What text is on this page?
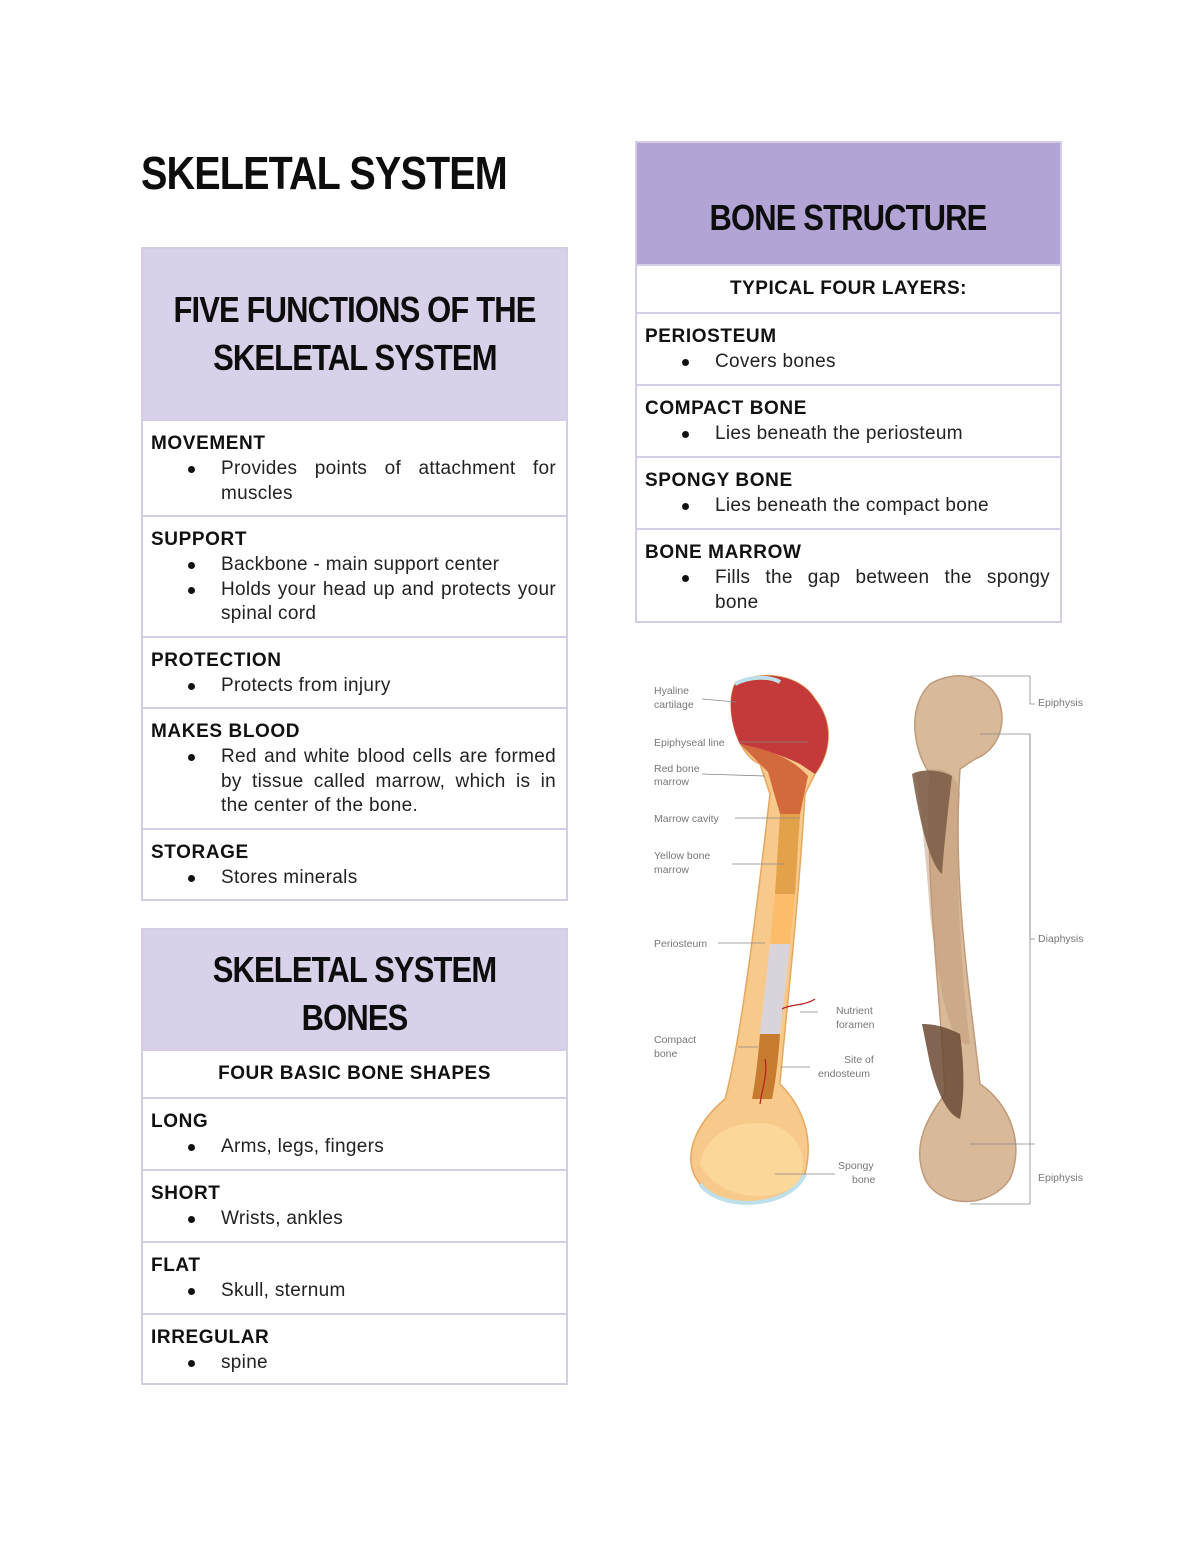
SKELETAL SYSTEM
FIVE FUNCTIONS OF THE
SKELETAL SYSTEM
MOVEMENT
Provides points of attachment for muscles
SUPPORT
Backbone - main support center
Holds your head up and protects your spinal cord
PROTECTION
Protects from injury
MAKES BLOOD
Red and white blood cells are formed by tissue called marrow, which is in the center of the bone.
STORAGE
Stores minerals
SKELETAL SYSTEM BONES
FOUR BASIC BONE SHAPES
LONG
Arms, legs, fingers
SHORT
Wrists, ankles
FLAT
Skull, sternum
IRREGULAR
spine
BONE STRUCTURE
TYPICAL FOUR LAYERS:
PERIOSTEUM
Covers bones
COMPACT BONE
Lies beneath the periosteum
SPONGY BONE
Lies beneath the compact bone
BONE MARROW
Fills the gap between the spongy bone
Hyaline
cartilage
Epiphyseal line
Red bone
marrow
Marrow cavity
Yellow bone
marrow
Periosteum
Nutrient
foramen
Compact
bone	Site of
endosteum
Spongy
bone
Epiphysis
Diaphysis
Epiphysis
